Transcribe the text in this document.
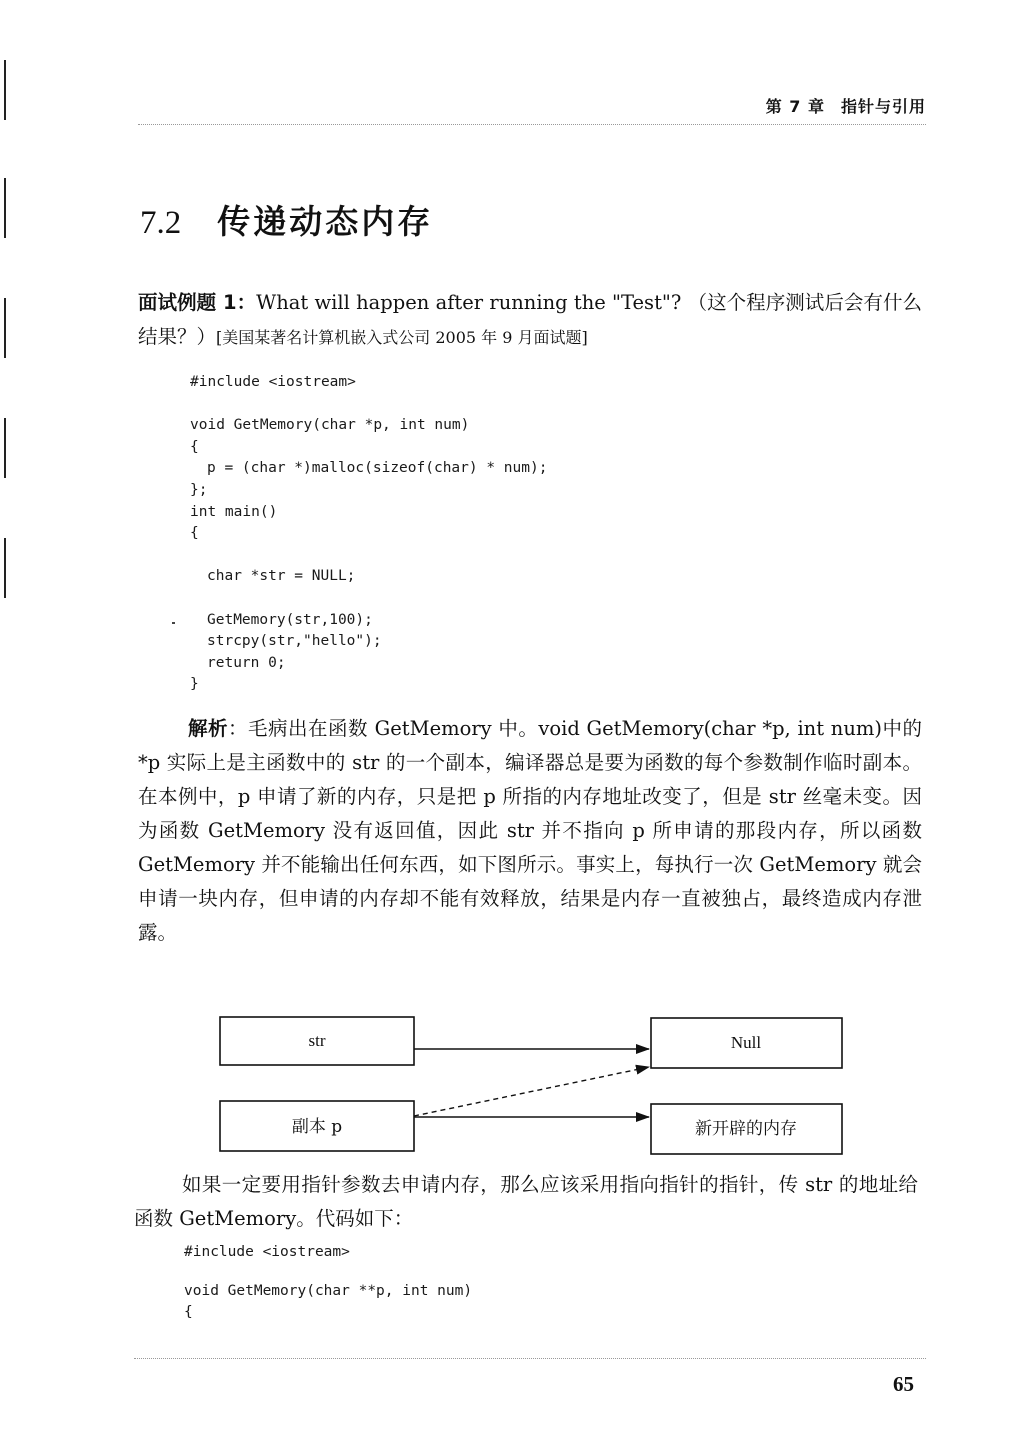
第 7 章 指针与引用
7.2 传递动态内存

面试例题 1：What will happen after running the "Test"? （这个程序测试后会有什么结果？）[美国某著名计算机嵌入式公司 2005 年 9 月面试题]

#include <iostream>
void GetMemory(char *p, int num)
{
p = (char *)malloc(sizeof(char) * num);
};
int main()
{
char *str = NULL;
GetMemory(str,100);
strcpy(str,"hello");
return 0;
}

解析：毛病出在函数 GetMemory 中。void GetMemory(char *p, int num)中的*p 实际上是主函数中的 str 的一个副本，编译器总是要为函数的每个参数制作临时副本。在本例中，p 申请了新的内存，只是把 p 所指的内存地址改变了，但是 str 丝毫未变。因为函数 GetMemory 没有返回值，因此 str 并不指向 p 所申请的那段内存，所以函数 GetMemory 并不能输出任何东西，如下图所示。事实上，每执行一次 GetMemory 就会申请一块内存，但申请的内存却不能有效释放，结果是内存一直被独占，最终造成内存泄露。

str
副本 p
Null
新开辟的内存

如果一定要用指针参数去申请内存，那么应该采用指向指针的指针，传 str 的地址给函数 GetMemory。代码如下：

#include <iostream>
void GetMemory(char **p, int num)
{
65
